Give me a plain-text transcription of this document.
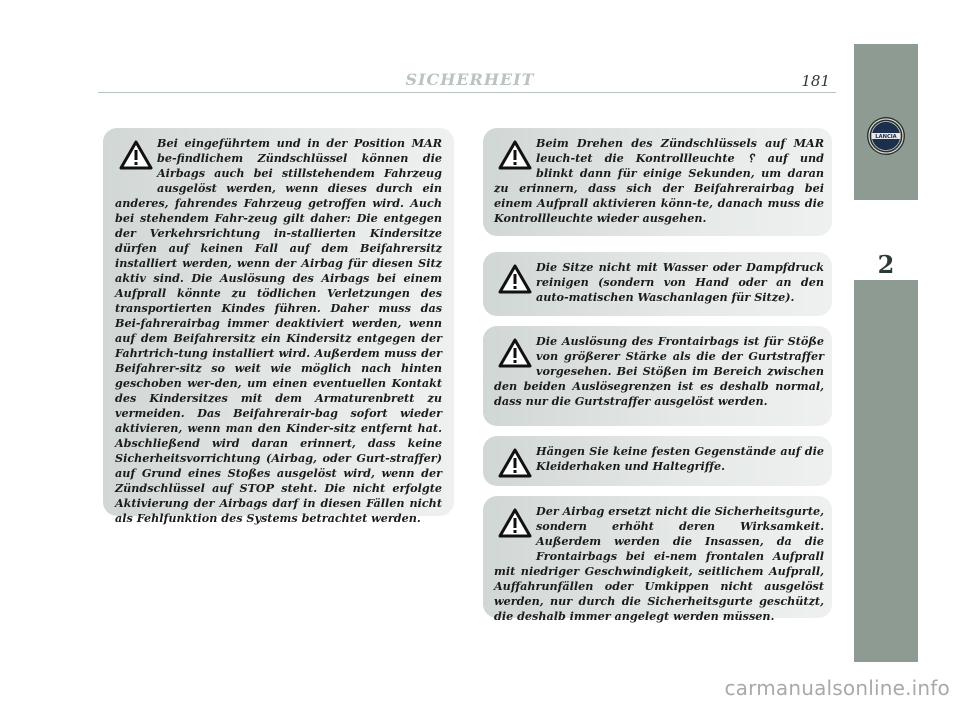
LANCIA
2
SICHERHEIT	181
Bei eingeführtem und in der Position MAR be-findlichem Zündschlüssel können die Airbags auch bei stillstehendem Fahrzeug ausgelöst werden, wenn dieses durch ein anderes, fahrendes Fahrzeug getroffen wird. Auch bei stehendem Fahr-zeug gilt daher: Die entgegen der Verkehrsrichtung in-stallierten Kindersitze dürfen auf keinen Fall auf dem Beifahrersitz installiert werden, wenn der Airbag für diesen Sitz aktiv sind. Die Auslösung des Airbags bei einem Aufprall könnte zu tödlichen Verletzungen des transportierten Kindes führen. Daher muss das Bei-fahrerairbag immer deaktiviert werden, wenn auf dem Beifahrersitz ein Kindersitz entgegen der Fahrtrich-tung installiert wird. Außerdem muss der Beifahrer-sitz so weit wie möglich nach hinten geschoben wer-den, um einen eventuellen Kontakt des Kindersitzes mit dem Armaturenbrett zu vermeiden. Das Beifahrerair-bag sofort wieder aktivieren, wenn man den Kinder-sitz entfernt hat. Abschließend wird daran erinnert, dass keine Sicherheitsvorrichtung (Airbag, oder Gurt-straffer) auf Grund eines Stoßes ausgelöst wird, wenn der Zündschlüssel auf STOP steht. Die nicht erfolgte Aktivierung der Airbags darf in diesen Fällen nicht als Fehlfunktion des Systems betrachtet werden.
Beim Drehen des Zündschlüssels auf MAR leuch-tet die Kontrollleuchte ␦ auf und blinkt dann für einige Sekunden, um daran zu erinnern, dass sich der Beifahrerairbag bei einem Aufprall aktivieren könn-te, danach muss die Kontrollleuchte wieder ausgehen.
Die Sitze nicht mit Wasser oder Dampfdruck reinigen (sondern von Hand oder an den auto-matischen Waschanlagen für Sitze).
Die Auslösung des Frontairbags ist für Stöße von größerer Stärke als die der Gurtstraffer vorgesehen. Bei Stößen im Bereich zwischen den beiden Auslösegrenzen ist es deshalb normal, dass nur die Gurtstraffer ausgelöst werden.
Hängen Sie keine festen Gegenstände auf die Kleiderhaken und Haltegriffe.
Der Airbag ersetzt nicht die Sicherheitsgurte, sondern erhöht deren Wirksamkeit. Außerdem werden die Insassen, da die Frontairbags bei ei-nem frontalen Aufprall mit niedriger Geschwindigkeit, seitlichem Aufprall, Auffahrunfällen oder Umkippen nicht ausgelöst werden, nur durch die Sicherheitsgurte geschützt, die deshalb immer angelegt werden müssen.
carmanualsonline.info
